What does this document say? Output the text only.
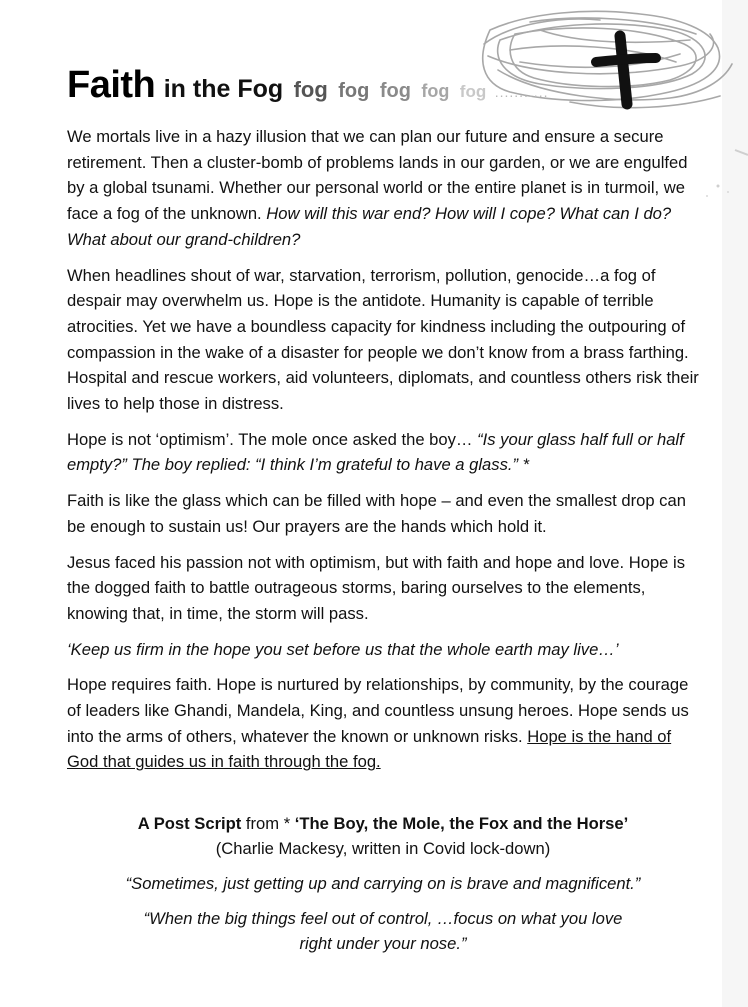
Faith in the Fog fog fog fog fog fog ...........

We mortals live in a hazy illusion that we can plan our future and ensure a secure retirement. Then a cluster-bomb of problems lands in our garden, or we are engulfed by a global tsunami. Whether our personal world or the entire planet is in turmoil, we face a fog of the unknown. How will this war end? How will I cope? What can I do? What about our grand-children?

When headlines shout of war, starvation, terrorism, pollution, genocide…a fog of despair may overwhelm us. Hope is the antidote. Humanity is capable of terrible atrocities. Yet we have a boundless capacity for kindness including the outpouring of compassion in the wake of a disaster for people we don’t know from a brass farthing. Hospital and rescue workers, aid volunteers, diplomats, and countless others risk their lives to help those in distress.

Hope is not ‘optimism’. The mole once asked the boy… “Is your glass half full or half empty?” The boy replied: “I think I’m grateful to have a glass.” *

Faith is like the glass which can be filled with hope – and even the smallest drop can be enough to sustain us! Our prayers are the hands which hold it.

Jesus faced his passion not with optimism, but with faith and hope and love. Hope is the dogged faith to battle outrageous storms, baring ourselves to the elements, knowing that, in time, the storm will pass.

‘Keep us firm in the hope you set before us that the whole earth may live…’

Hope requires faith. Hope is nurtured by relationships, by community, by the courage of leaders like Ghandi, Mandela, King, and countless unsung heroes. Hope sends us into the arms of others, whatever the known or unknown risks. Hope is the hand of God that guides us in faith through the fog.

A Post Script from * ‘The Boy, the Mole, the Fox and the Horse’
(Charlie Mackesy, written in Covid lock-down)

“Sometimes, just getting up and carrying on is brave and magnificent.”

“When the big things feel out of control, …focus on what you love
right under your nose.”
